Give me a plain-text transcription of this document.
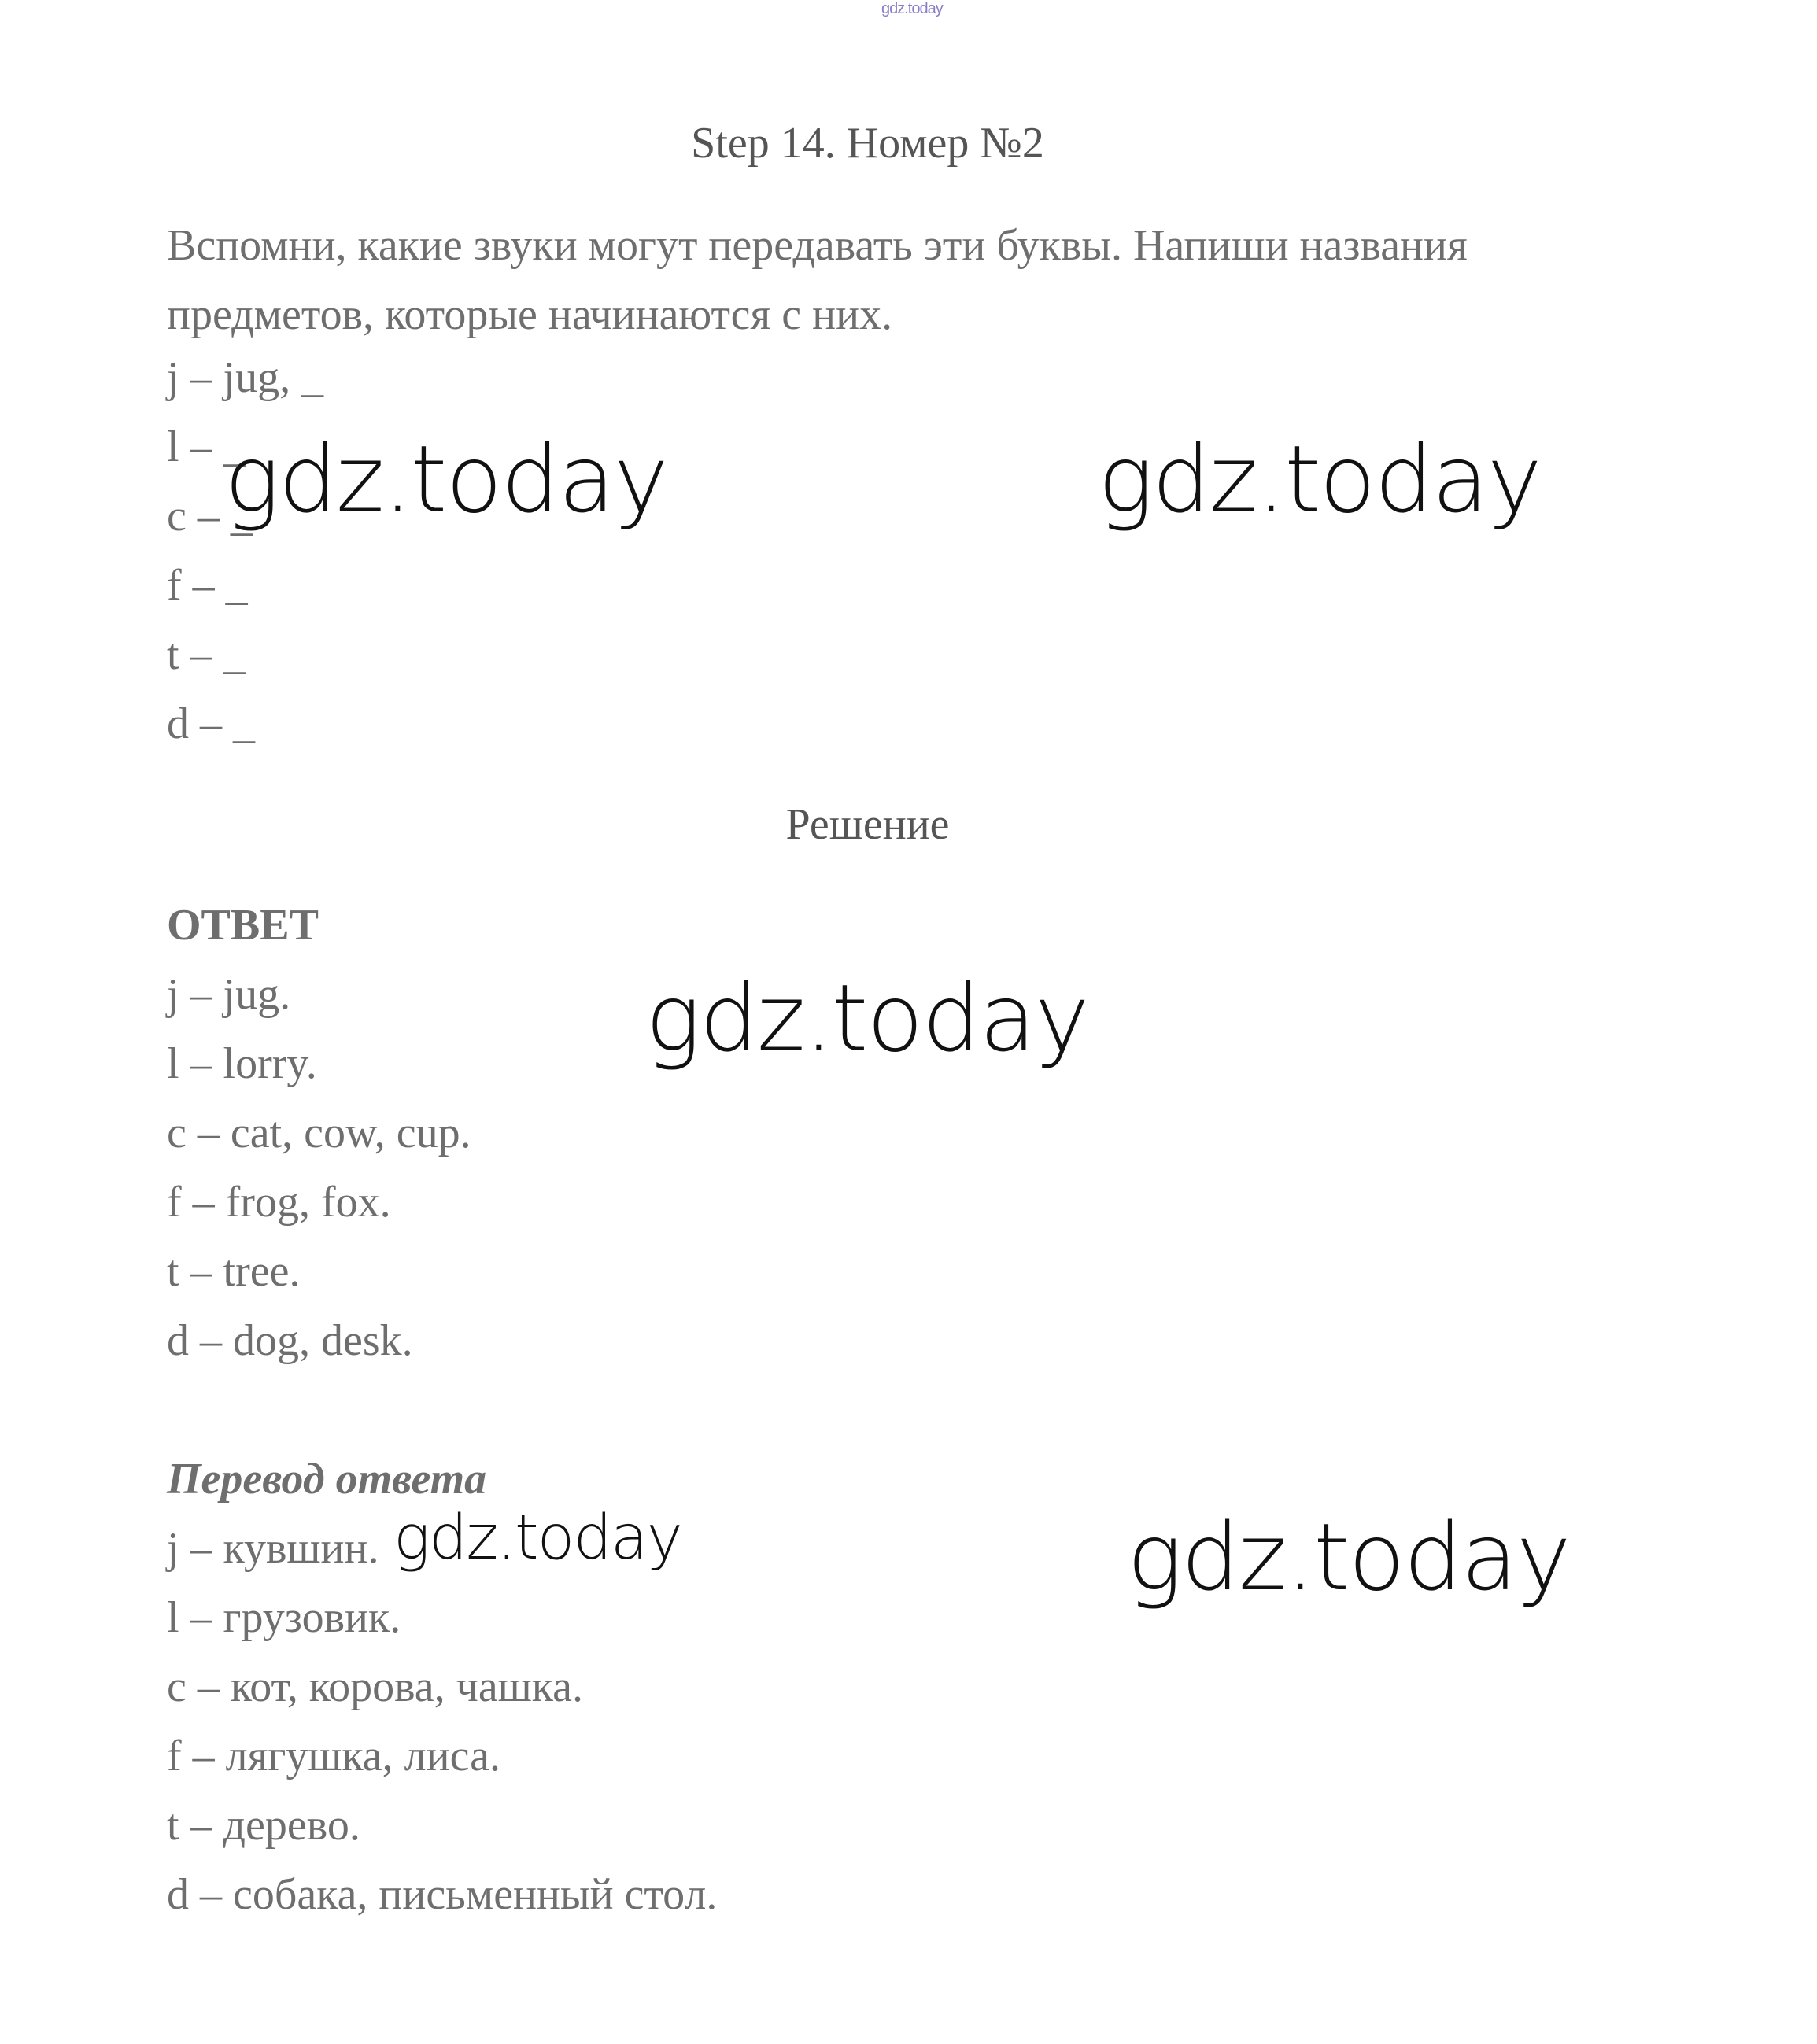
gdz.today
Step 14. Номер №2
Вспомни, какие звуки могут передавать эти буквы. Напиши названия
предметов, которые начинаются с них.
j – jug, _
l – _
c – _
f – _
t – _
d – _
Решение
ОТВЕТ
j – jug.
l – lorry.
c – cat, cow, cup.
f – frog, fox.
t – tree.
d – dog, desk.
Перевод ответа
j – кувшин.
l – грузовик.
c – кот, корова, чашка.
f – лягушка, лиса.
t – дерево.
d – собака, письменный стол.
gdz.today	gdz.today
gdz.today
gdz.today	gdz.today
